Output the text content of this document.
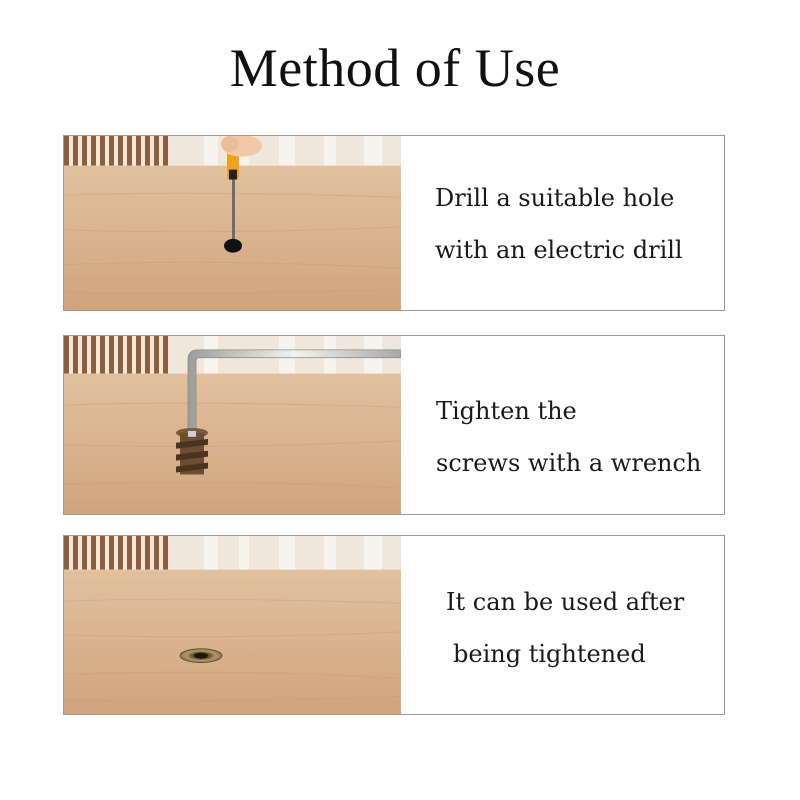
Method of Use
Drill a suitable hole
with an electric drill
Tighten the
screws with a wrench
It can be used after
being tightened
